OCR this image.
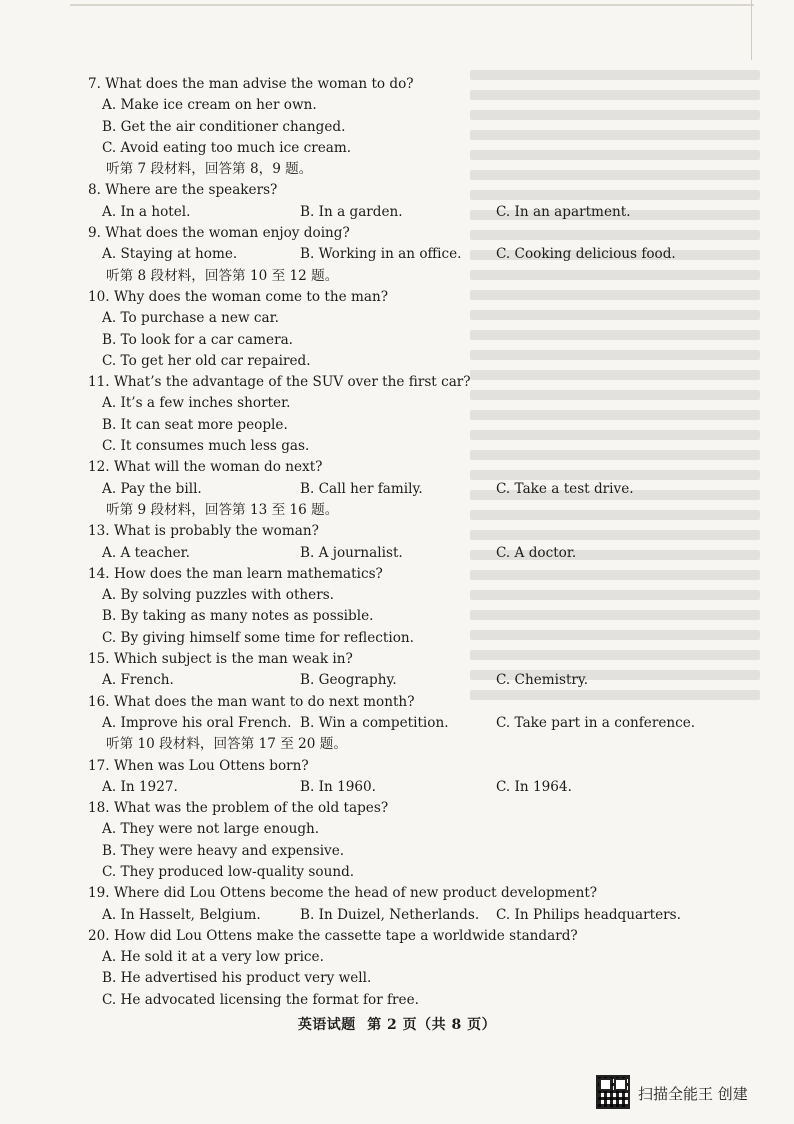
7. What does the man advise the woman to do?
A. Make ice cream on her own.
B. Get the air conditioner changed.
C. Avoid eating too much ice cream.
听第 7 段材料，回答第 8，9 题。
8. Where are the speakers?
A. In a hotel.	B. In a garden.	C. In an apartment.
9. What does the woman enjoy doing?
A. Staying at home.	B. Working in an office.	C. Cooking delicious food.
听第 8 段材料，回答第 10 至 12 题。
10. Why does the woman come to the man?
A. To purchase a new car.
B. To look for a car camera.
C. To get her old car repaired.
11. What’s the advantage of the SUV over the first car?
A. It’s a few inches shorter.
B. It can seat more people.
C. It consumes much less gas.
12. What will the woman do next?
A. Pay the bill.	B. Call her family.	C. Take a test drive.
听第 9 段材料，回答第 13 至 16 题。
13. What is probably the woman?
A. A teacher.	B. A journalist.	C. A doctor.
14. How does the man learn mathematics?
A. By solving puzzles with others.
B. By taking as many notes as possible.
C. By giving himself some time for reflection.
15. Which subject is the man weak in?
A. French.	B. Geography.	C. Chemistry.
16. What does the man want to do next month?
A. Improve his oral French. B. Win a competition.	C. Take part in a conference.
听第 10 段材料，回答第 17 至 20 题。
17. When was Lou Ottens born?
A. In 1927.	B. In 1960.	C. In 1964.
18. What was the problem of the old tapes?
A. They were not large enough.
B. They were heavy and expensive.
C. They produced low-quality sound.
19. Where did Lou Ottens become the head of new product development?
A. In Hasselt, Belgium.	B. In Duizel, Netherlands.	C. In Philips headquarters.
20. How did Lou Ottens make the cassette tape a worldwide standard?
A. He sold it at a very low price.
B. He advertised his product very well.
C. He advocated licensing the format for free.
英语试题 第 2 页（共 8 页）
扫描全能王 创建
